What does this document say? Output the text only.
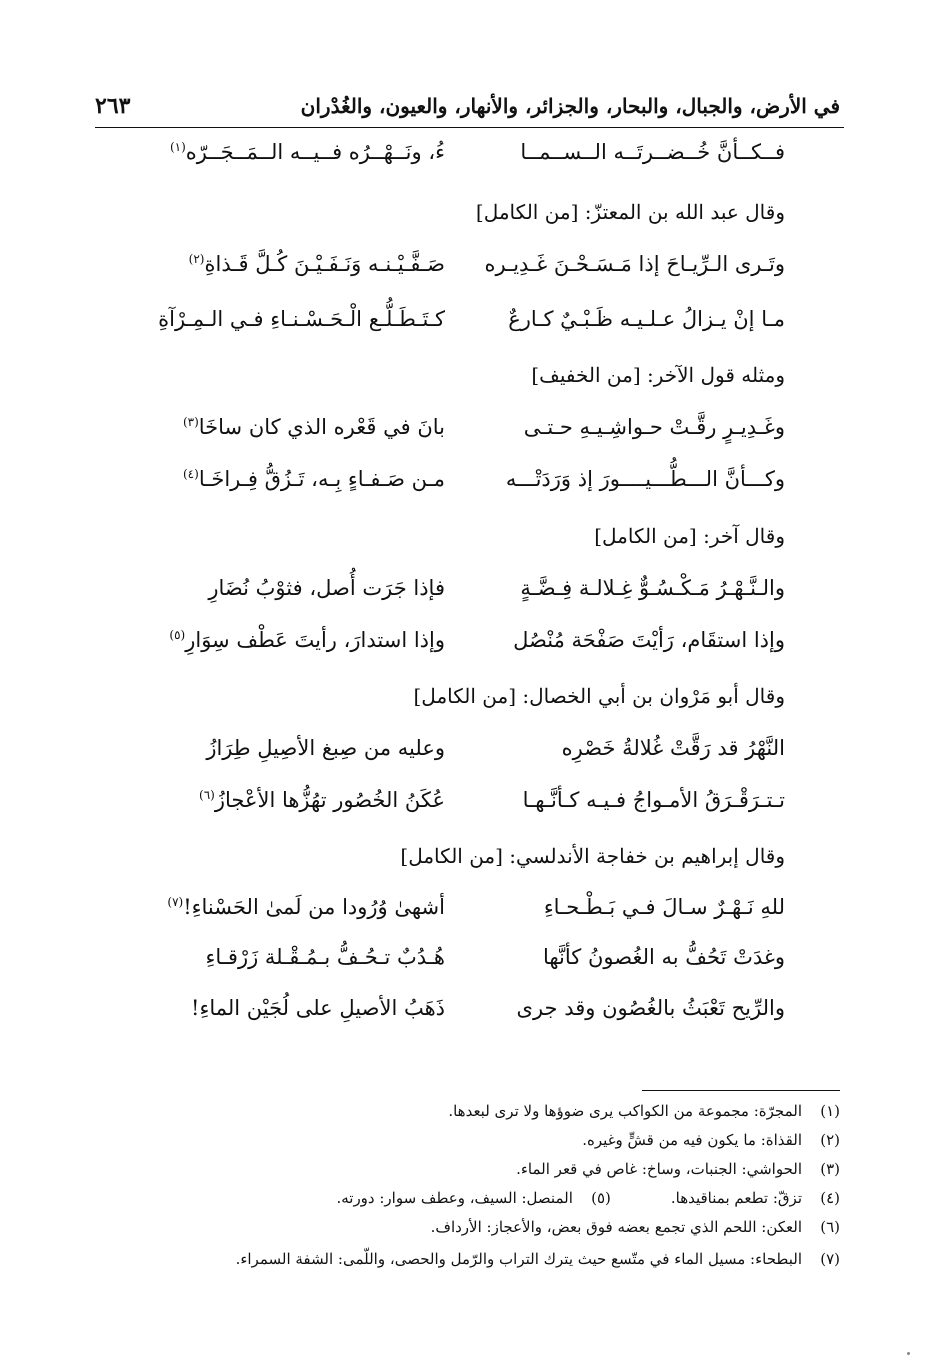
في الأرض، والجبال، والبحار، والجزائر، والأنهار، والعيون، والغُدْران
٢٦٣
فــكــأنَّ خُــضــرتَــه الــســمــا
ءُ، ونَــهْــرُه فــيــه الــمَــجَــرّه$^{(١)}$
وقال عبد الله بن المعتزّ: [من الكامل]
وتَـرى الـرِّيـاحَ إذا مَـسَـحْـنَ غَـدِيـره
صَـفَّـيْـنـه وَنَـفَـيْـنَ كُـلَّ قَـذاةِ$^{(٢)}$
مـا إنْ يـزالُ عـلـيـه ظَـبْـيٌ كـارعٌ
كـتَـطَـلُّـع الْـحَـسْـنـاءِ فـي الـمِـرْآةِ
ومثله قول الآخر: [من الخفيف]
وغَـدِيـرٍ رقَّـتْ حـواشِـيـهِ حـتـى
بانَ في قَعْره الذي كان ساخَا$^{(٣)}$
وكـــأنَّ الـــطُّـــيــــورَ إذ وَرَدَتْـــه
مـن صَـفـاءٍ بِـه، تَـزُقُّ فِـراخَـا$^{(٤)}$
وقال آخر: [من الكامل]
والـنَّـهْـرُ مَـكْـسُـوٌّ غِـلالـة فِـضَّـةٍ
فإذا جَرَت أُصل، فثوْبُ نُضَارِ
وإذا استقَام، رَأيْتَ صَفْحَة مُنْصُل
وإذا استدارَ، رأيتَ عَطْف سِوَارِ$^{(٥)}$
وقال أبو مَرْوان بن أبي الخصال: [من الكامل]
النَّهْرُ قد رَقَّتْ غُلالةُ خَصْرِه
وعليه من صِبغ الأصِيلِ طِرَازُ
تـتـرَقْـرَقُ الأمـواجُ فـيـه كـأنَّـهـا
عُكَنُ الخُصُور تهُزُّها الأعْجازُ$^{(٦)}$
وقال إبراهيم بن خفاجة الأندلسي: [من الكامل]
للهِ نَـهْـرٌ سـالَ فـي بَـطْـحـاءِ
أشهىٰ وُرُودا من لَمىٰ الحَسْناءِ!$^{(٧)}$
وغدَتْ تَحُفُّ به الغُصونُ كأنَّها
هُـدُبٌ تـحُـفُّ بـمُـقْـلة زَرْقـاءِ
والرِّيح تَعْبَثُ بالغُصُون وقد جرى
ذَهَبُ الأصيلِ على لُجَيْن الماءِ!
(١)المجرّة: مجموعة من الكواكب يرى ضوؤها ولا ترى لبعدها.
(٢)القذاة: ما يكون فيه من قشٍّ وغيره.
(٣)الحواشي: الجنبات، وساخ: غاص في قعر الماء.
(٤)تزقّ: تطعم بمناقيدها.(٥)المنصل: السيف، وعطف سوار: دورته.
(٦)العكن: اللحم الذي تجمع بعضه فوق بعض، والأعجاز: الأرداف.
(٧)البطحاء: مسيل الماء في متّسع حيث يترك التراب والرّمل والحصى، واللّمى: الشفة السمراء.
